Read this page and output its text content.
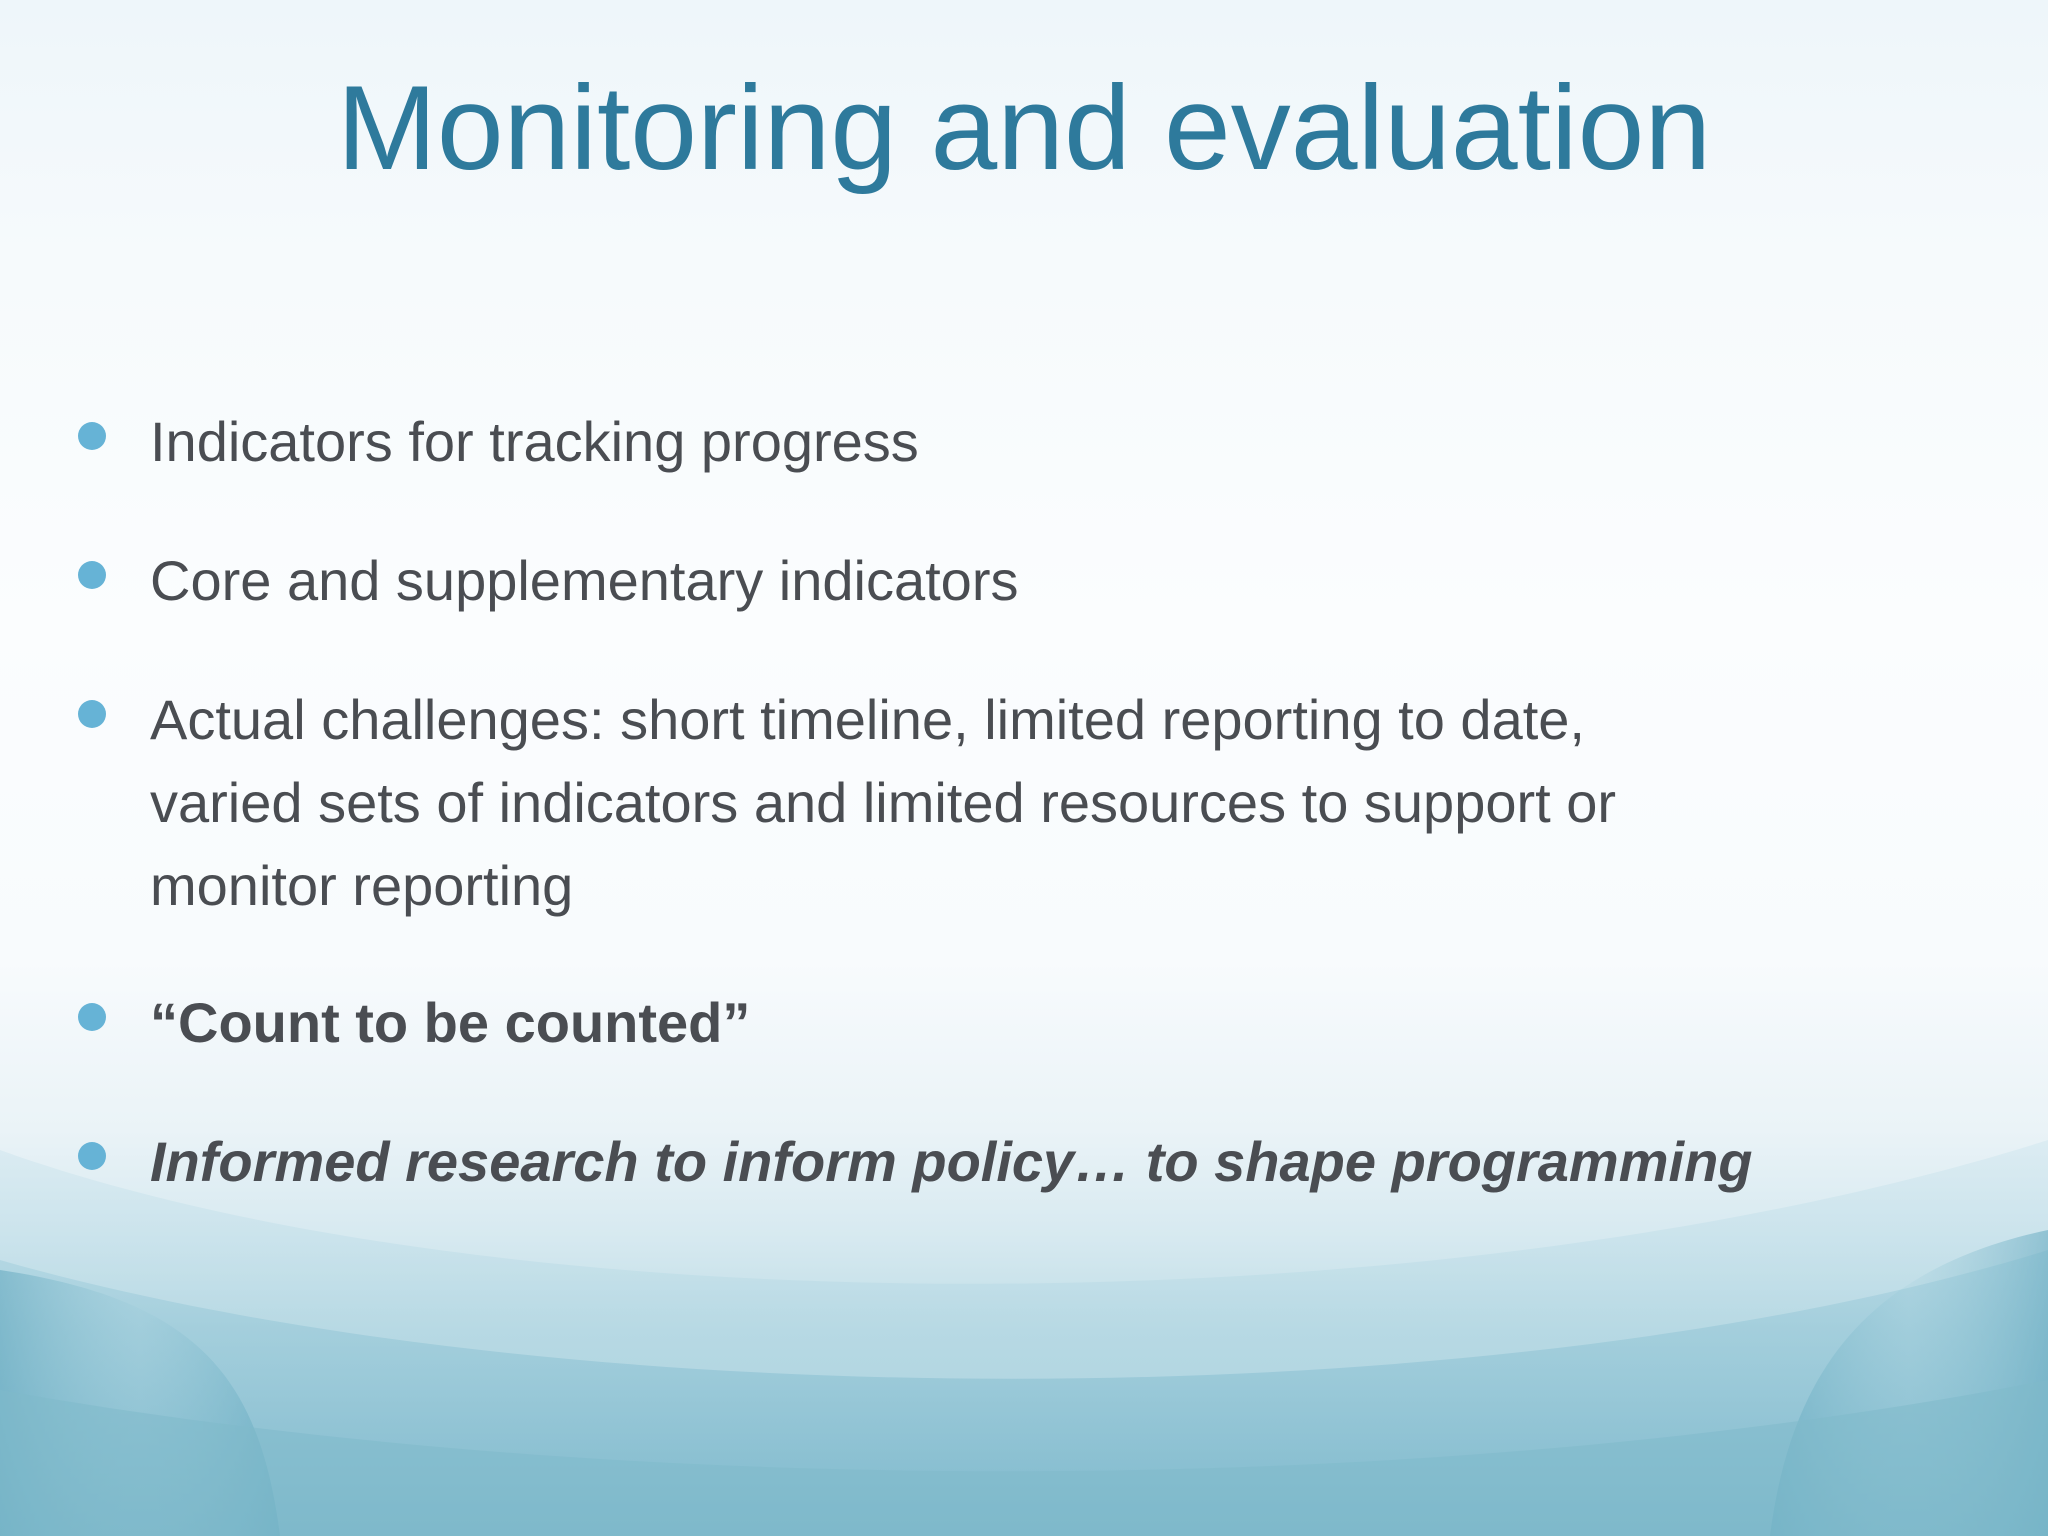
Monitoring and evaluation
Indicators for tracking progress
Core and supplementary indicators
Actual challenges: short timeline, limited reporting to date,
varied sets of indicators and limited resources to support or
monitor reporting
“Count to be counted”
Informed research to inform policy… to shape programming
